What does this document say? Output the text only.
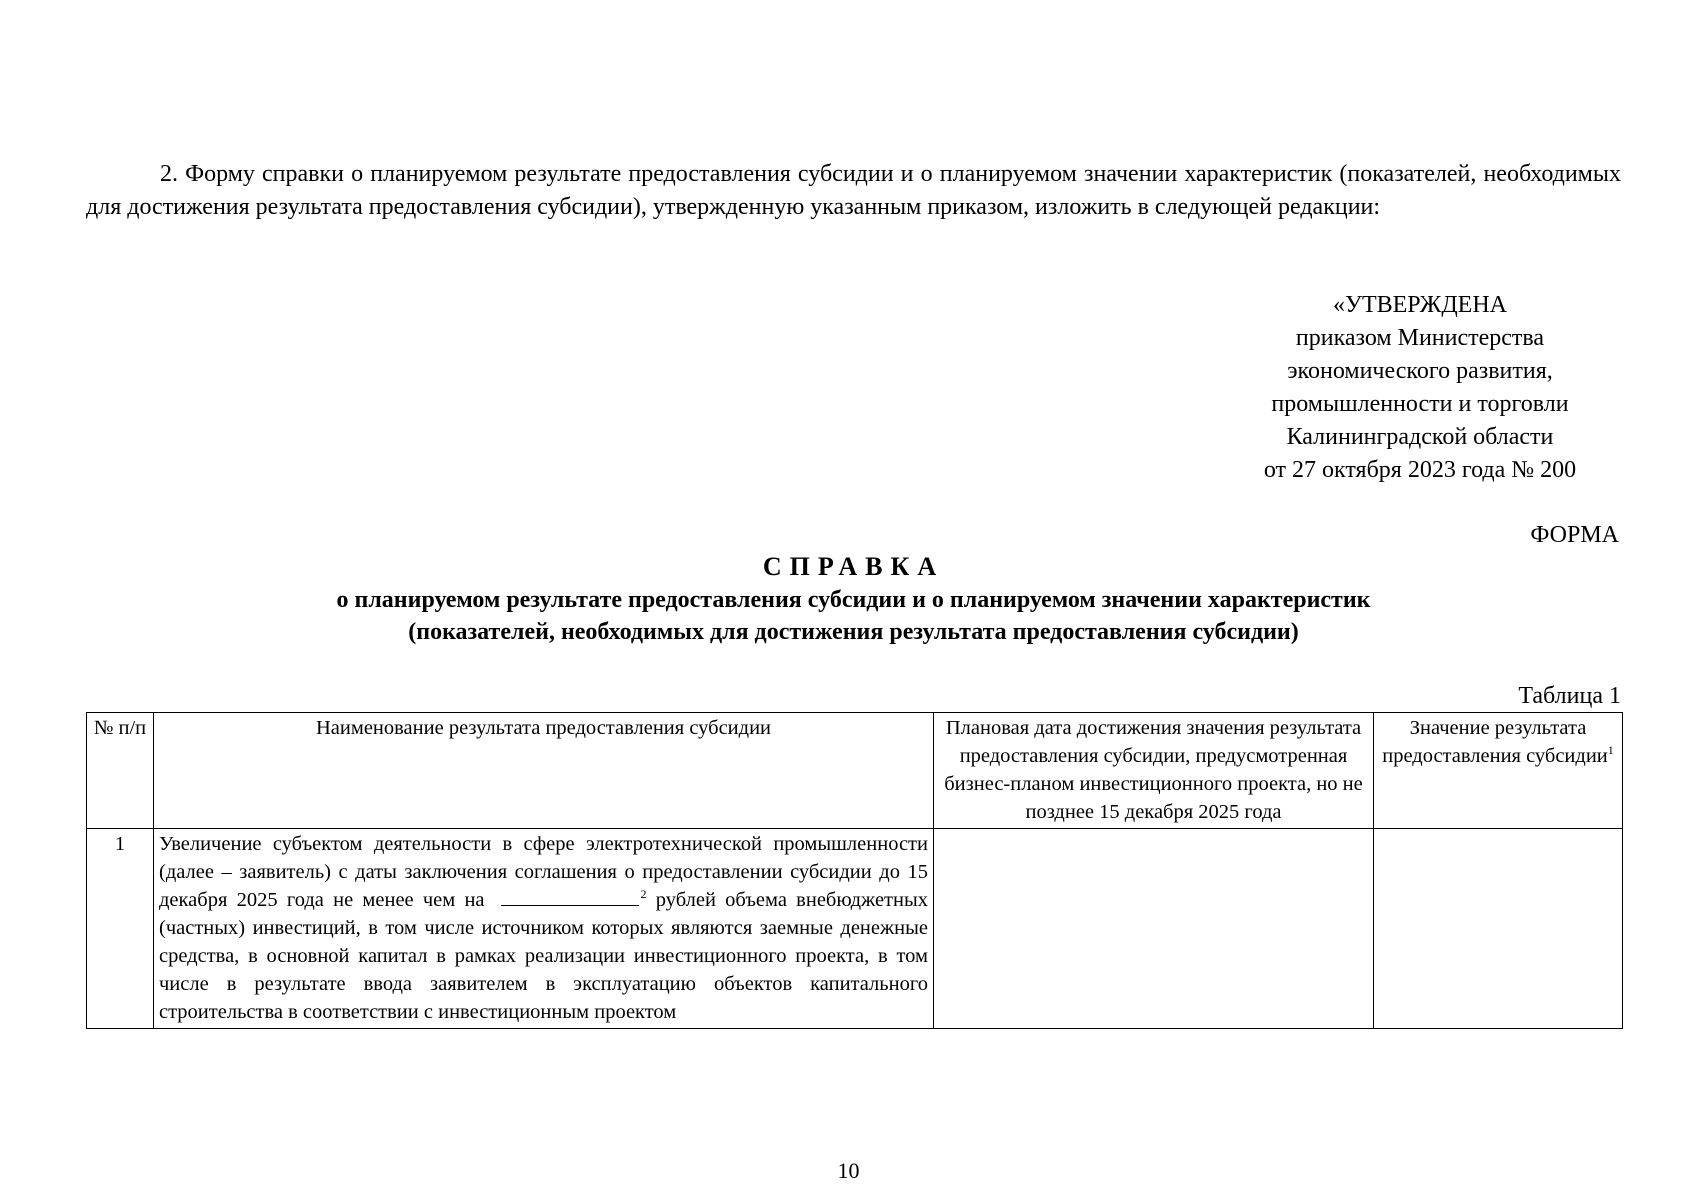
2. Форму справки о планируемом результате предоставления субсидии и о планируемом значении характеристик (показателей, необходимых для достижения результата предоставления субсидии), утвержденную указанным приказом, изложить в следующей редакции:

«УТВЕРЖДЕНА
приказом Министерства
экономического развития,
промышленности и торговли
Калининградской области
от 27 октября 2023 года № 200
ФОРМА
СПРАВКА
о планируемом результате предоставления субсидии и о планируемом значении характеристик
(показателей, необходимых для достижения результата предоставления субсидии)
Таблица 1
№ п/п	Наименование результата предоставления субсидии	Плановая дата достижения значения результата предоставления субсидии, предусмотренная бизнес-планом инвестиционного проекта, но не позднее 15 декабря 2025 года	Значение результата предоставления субсидии$^1$
1	Увеличение субъектом деятельности в сфере электротехнической промышленности (далее – заявитель) с даты заключения соглашения о предоставлении субсидии до 15 декабря 2025 года не менее чем на $^2$ рублей объема внебюджетных (частных) инвестиций, в том числе источником которых являются заемные денежные средства, в основной капитал в рамках реализации инвестиционного проекта, в том числе в результате ввода заявителем в эксплуатацию объектов капитального строительства в соответствии с инвестиционным проектом		
10
